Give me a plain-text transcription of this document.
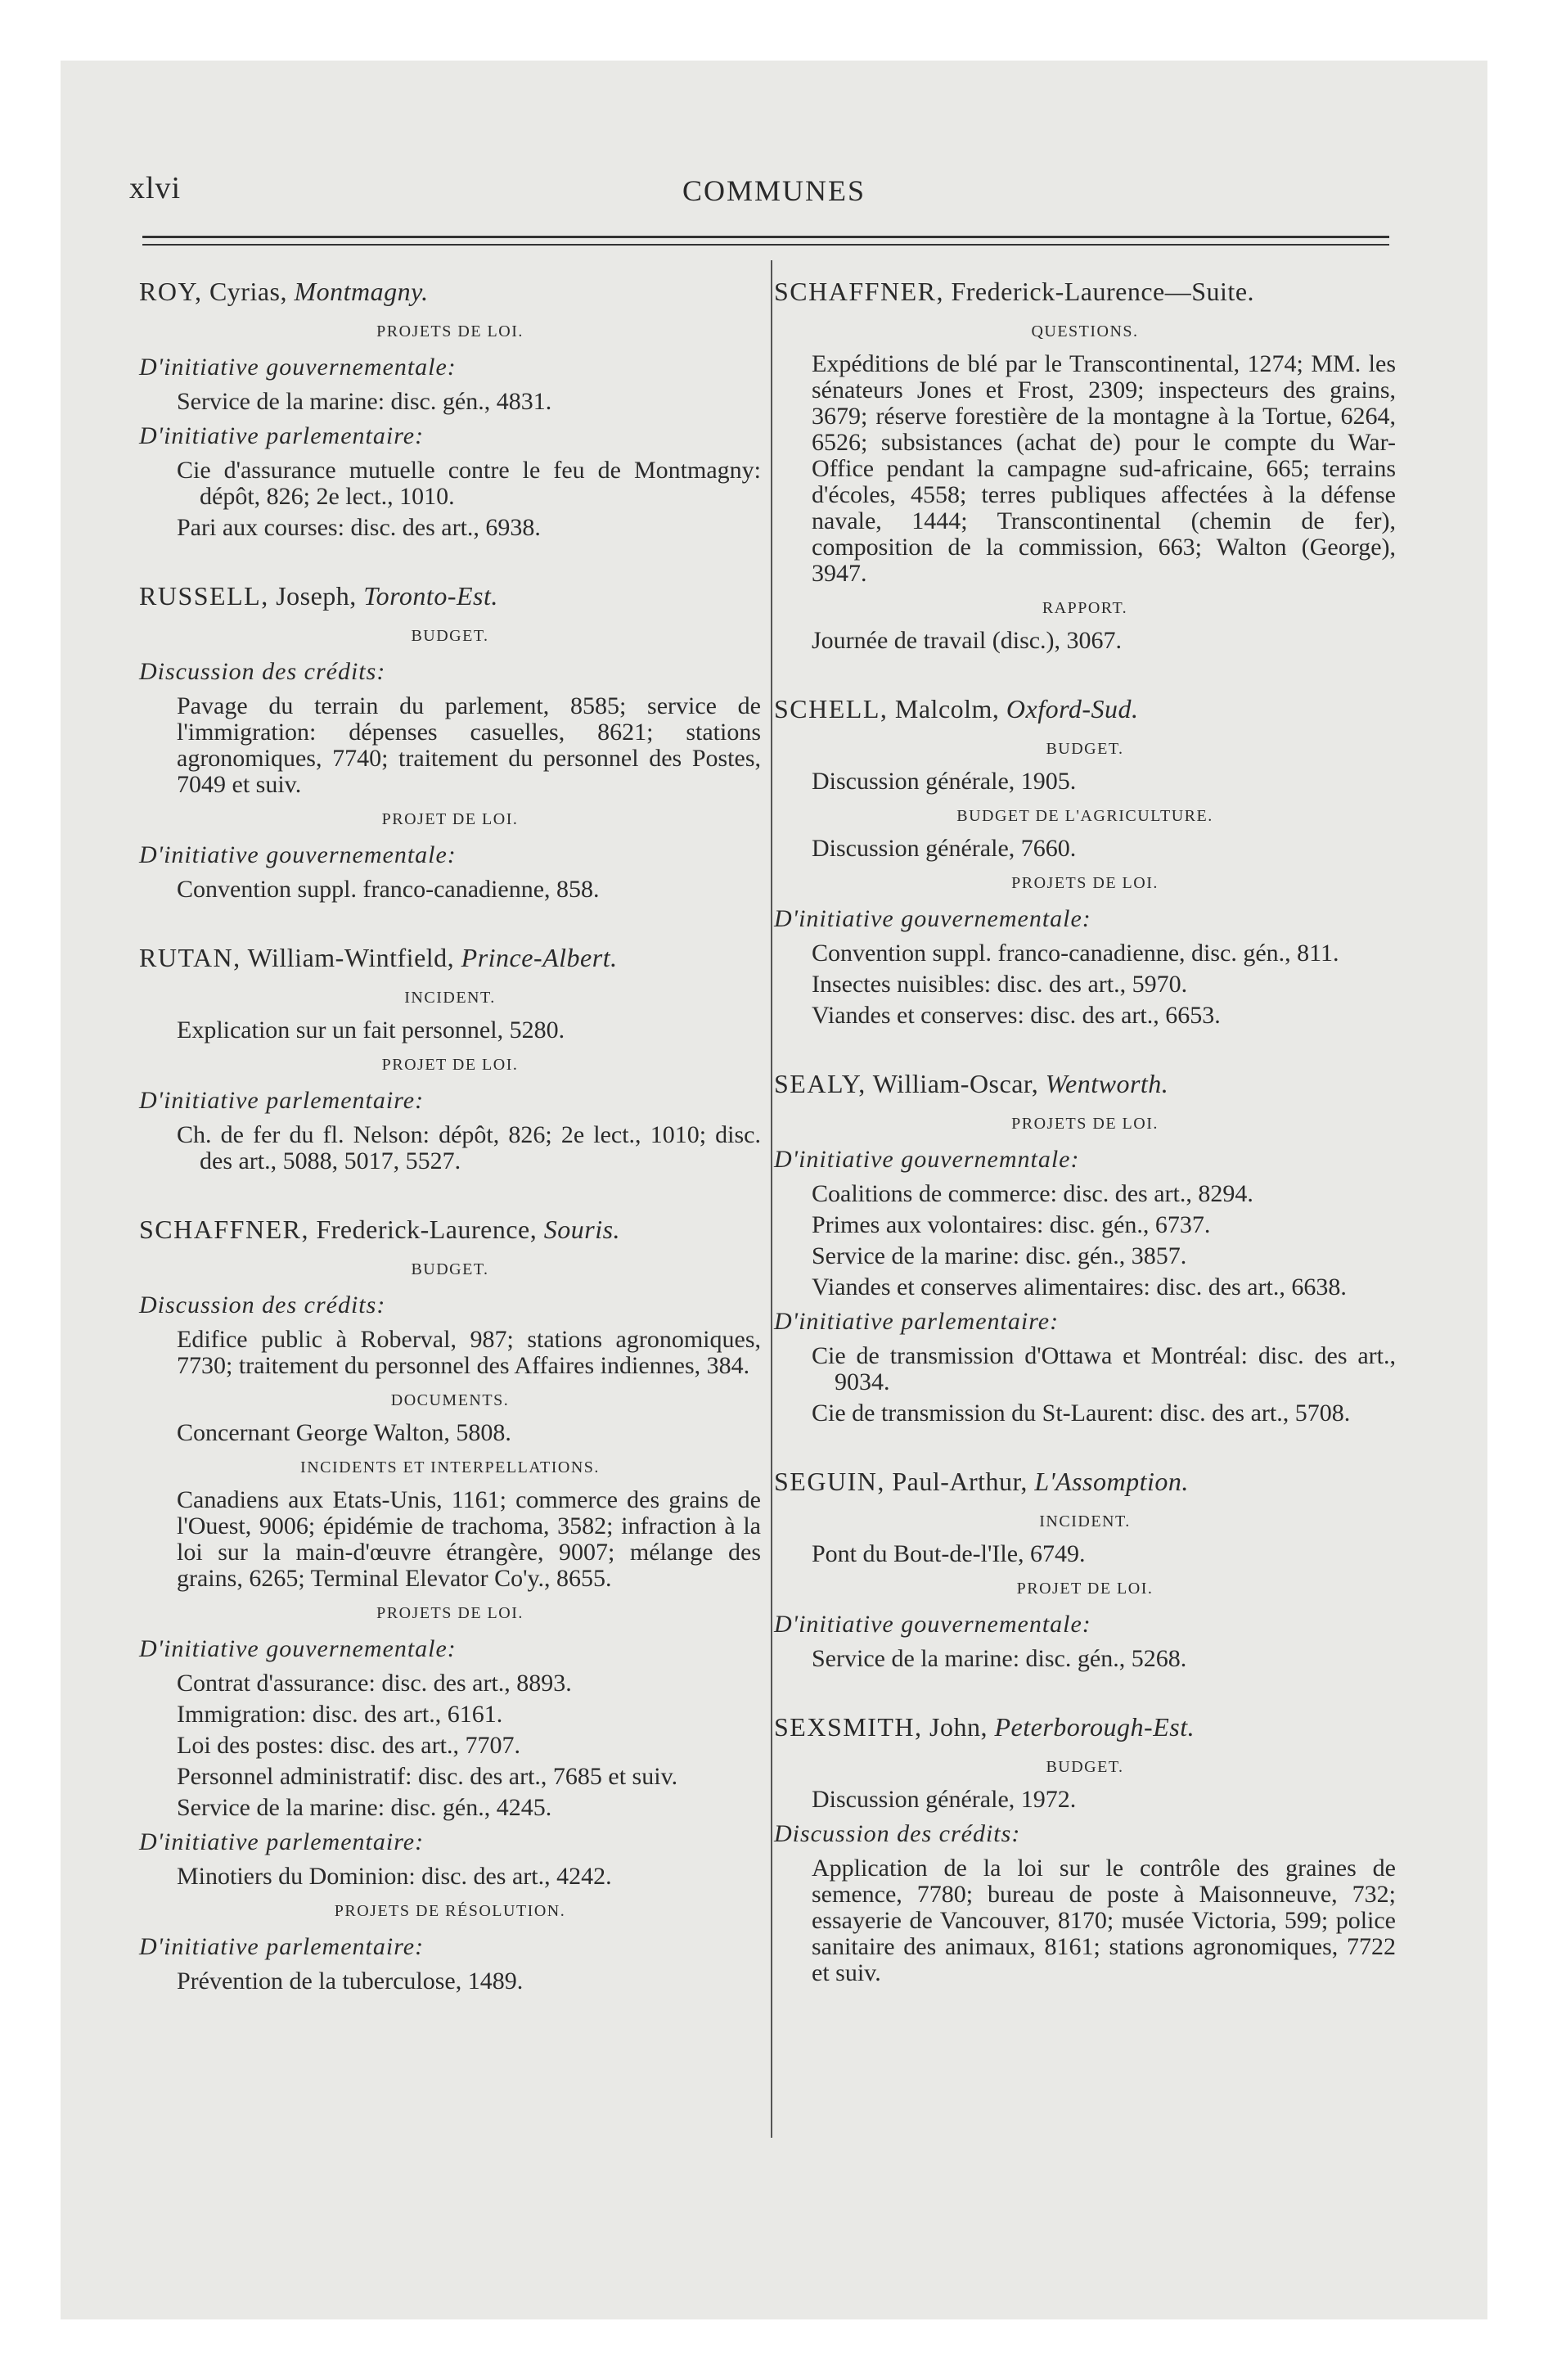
xlvi	COMMUNES
ROY, Cyrias, Montmagny.
PROJETS DE LOI.
D'initiative gouvernementale:
Service de la marine: disc. gén., 4831.
D'initiative parlementaire:
Cie d'assurance mutuelle contre le feu de Montmagny: dépôt, 826; 2e lect., 1010.
Pari aux courses: disc. des art., 6938.
RUSSELL, Joseph, Toronto-Est.
BUDGET.
Discussion des crédits:
Pavage du terrain du parlement, 8585; service de l'immigration: dépenses casuelles, 8621; stations agronomiques, 7740; traitement du personnel des Postes, 7049 et suiv.
PROJET DE LOI.
D'initiative gouvernementale:
Convention suppl. franco-canadienne, 858.
RUTAN, William-Wintfield, Prince-Albert.
INCIDENT.
Explication sur un fait personnel, 5280.
PROJET DE LOI.
D'initiative parlementaire:
Ch. de fer du fl. Nelson: dépôt, 826; 2e lect., 1010; disc. des art., 5088, 5017, 5527.
SCHAFFNER, Frederick-Laurence, Souris.
BUDGET.
Discussion des crédits:
Edifice public à Roberval, 987; stations agronomiques, 7730; traitement du personnel des Affaires indiennes, 384.
DOCUMENTS.
Concernant George Walton, 5808.
INCIDENTS ET INTERPELLATIONS.
Canadiens aux Etats-Unis, 1161; commerce des grains de l'Ouest, 9006; épidémie de trachoma, 3582; infraction à la loi sur la main-d'œuvre étrangère, 9007; mélange des grains, 6265; Terminal Elevator Co'y., 8655.
PROJETS DE LOI.
D'initiative gouvernementale:
Contrat d'assurance: disc. des art., 8893.
Immigration: disc. des art., 6161.
Loi des postes: disc. des art., 7707.
Personnel administratif: disc. des art., 7685 et suiv.
Service de la marine: disc. gén., 4245.
D'initiative parlementaire:
Minotiers du Dominion: disc. des art., 4242.
PROJETS DE RÉSOLUTION.
D'initiative parlementaire:
Prévention de la tuberculose, 1489.
SCHAFFNER, Frederick-Laurence—Suite.
QUESTIONS.
Expéditions de blé par le Transcontinental, 1274; MM. les sénateurs Jones et Frost, 2309; inspecteurs des grains, 3679; réserve forestière de la montagne à la Tortue, 6264, 6526; subsistances (achat de) pour le compte du War-Office pendant la campagne sud-africaine, 665; terrains d'écoles, 4558; terres publiques affectées à la défense navale, 1444; Transcontinental (chemin de fer), composition de la commission, 663; Walton (George), 3947.
RAPPORT.
Journée de travail (disc.), 3067.
SCHELL, Malcolm, Oxford-Sud.
BUDGET.
Discussion générale, 1905.
BUDGET DE L'AGRICULTURE.
Discussion générale, 7660.
PROJETS DE LOI.
D'initiative gouvernementale:
Convention suppl. franco-canadienne, disc. gén., 811.
Insectes nuisibles: disc. des art., 5970.
Viandes et conserves: disc. des art., 6653.
SEALY, William-Oscar, Wentworth.
PROJETS DE LOI.
D'initiative gouvernemntale:
Coalitions de commerce: disc. des art., 8294.
Primes aux volontaires: disc. gén., 6737.
Service de la marine: disc. gén., 3857.
Viandes et conserves alimentaires: disc. des art., 6638.
D'initiative parlementaire:
Cie de transmission d'Ottawa et Montréal: disc. des art., 9034.
Cie de transmission du St-Laurent: disc. des art., 5708.
SEGUIN, Paul-Arthur, L'Assomption.
INCIDENT.
Pont du Bout-de-l'Ile, 6749.
PROJET DE LOI.
D'initiative gouvernementale:
Service de la marine: disc. gén., 5268.
SEXSMITH, John, Peterborough-Est.
BUDGET.
Discussion générale, 1972.
Discussion des crédits:
Application de la loi sur le contrôle des graines de semence, 7780; bureau de poste à Maisonneuve, 732; essayerie de Vancouver, 8170; musée Victoria, 599; police sanitaire des animaux, 8161; stations agronomiques, 7722 et suiv.
